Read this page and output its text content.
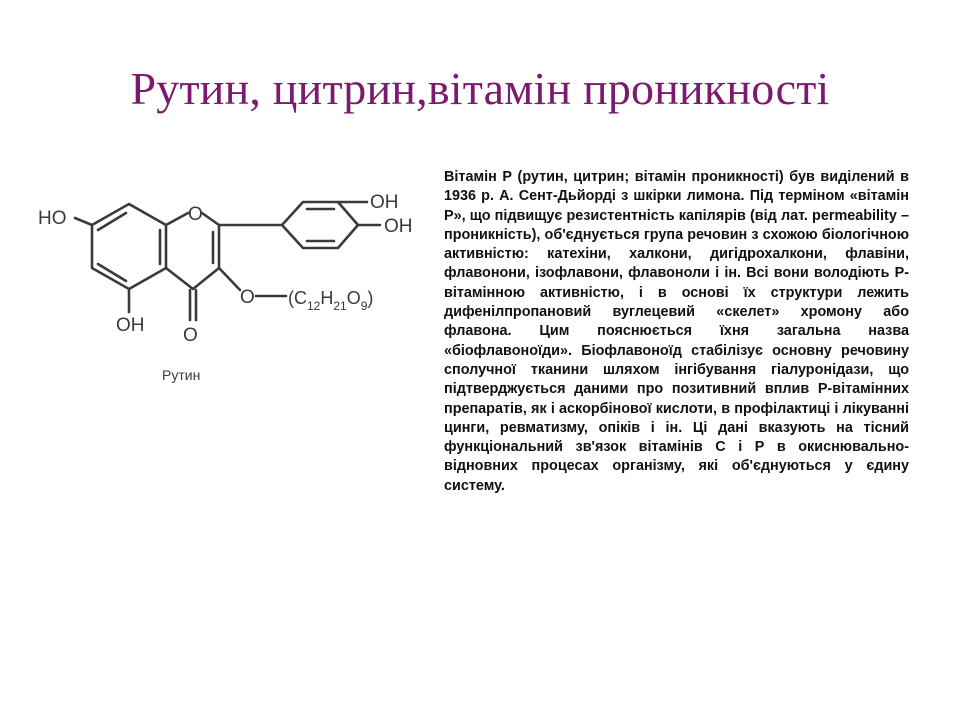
Рутин, цитрин,вітамін проникності
HO
OH
OH
OH
O
O
O $(C_{12}H_{21}O_9)$
Рутин

Вітамін Р (рутин, цитрин; вітамін проникності) був виділений в 1936 р. А. Сент-Дьйорді з шкірки лимона. Під терміном «вітамін Р», що підвищує резистентність капілярів (від лат. permeability – проникність), об'єднується група речовин з схожою біологічною активністю: катехіни, халкони, дигідрохалкони, флавіни, флавонони, ізофлавони, флавоноли і ін. Всі вони володіють Р-вітамінною активністю, і в основі їх структури лежить дифенілпропановий вуглецевий «скелет» хромону або флавона. Цим пояснюється їхня загальна назва «біофлавоноїди». Біофлавоноїд стабілізує основну речовину сполучної тканини шляхом інгібування гіалуронідази, що підтверджується даними про позитивний вплив Р-вітамінних препаратів, як і аскорбінової кислоти, в профілактиці і лікуванні цинги, ревматизму, опіків і ін. Ці дані вказують на тісний функціональний зв'язок вітамінів С і Р в окиснювально-відновних процесах організму, які об'єднуються у єдину систему.
